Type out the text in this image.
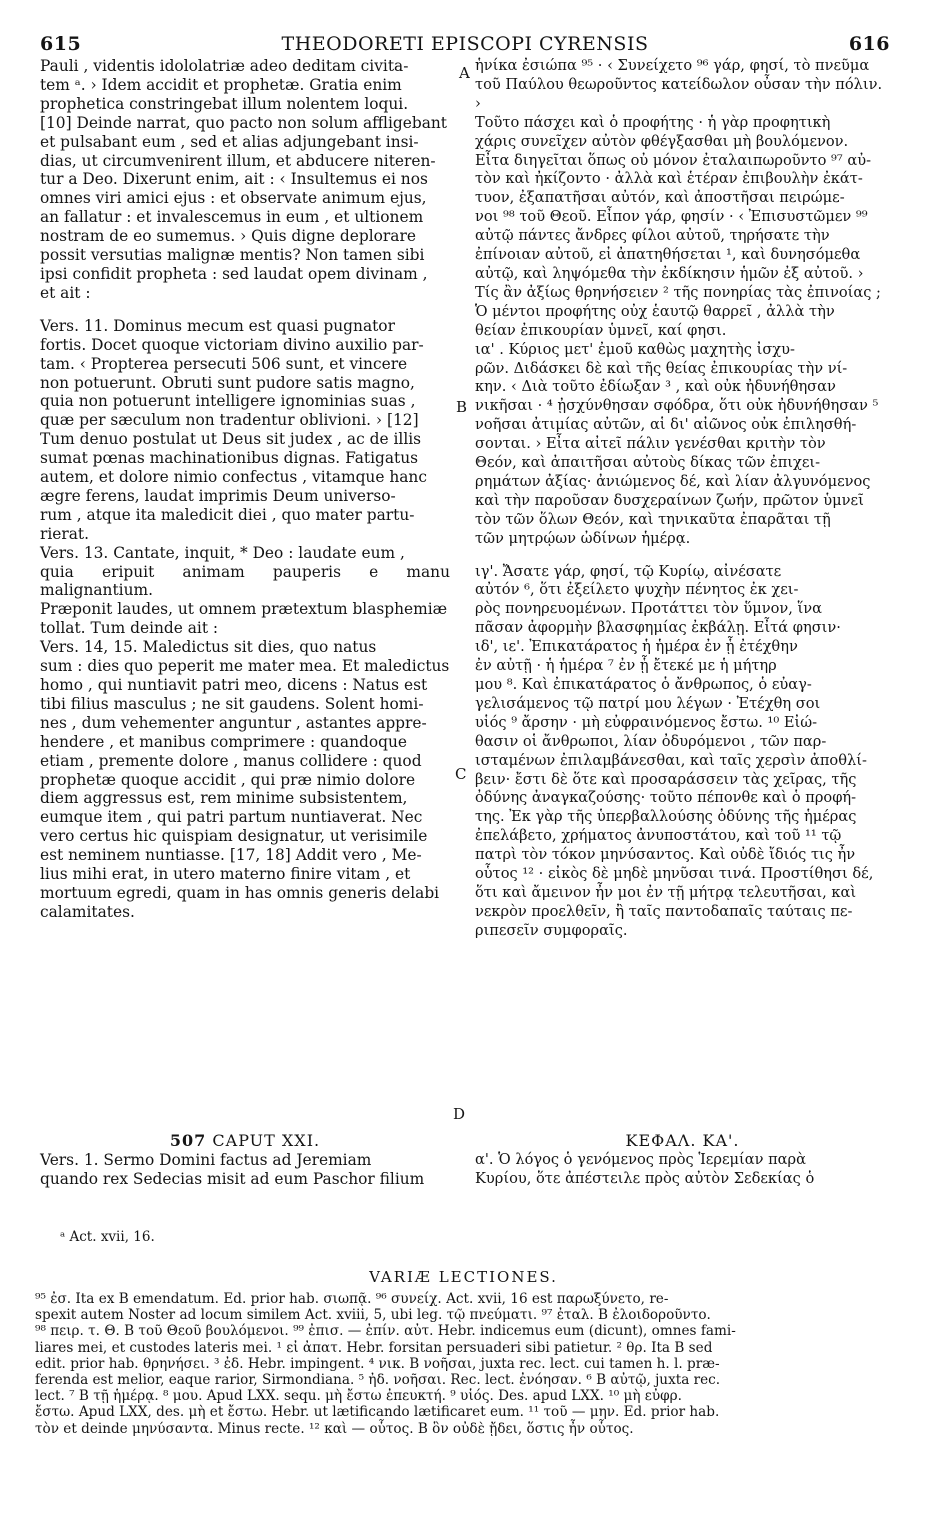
615	THEODORETI EPISCOPI CYRENSIS	616
A
B
C
D

Pauli , videntis idololatriæ adeo deditam civita-

tem ᵃ. › Idem accidit et prophetæ. Gratia enim

prophetica constringebat illum nolentem loqui.

[10] Deinde narrat, quo pacto non solum affligebant

et pulsabant eum , sed et alias adjungebant insi-

dias, ut circumvenirent illum, et abducere niteren-

tur a Deo. Dixerunt enim, ait : ‹ Insultemus ei nos

omnes viri amici ejus : et observate animum ejus,

an fallatur : et invalescemus in eum , et ultionem

nostram de eo sumemus. › Quis digne deplorare

possit versutias malignæ mentis? Non tamen sibi

ipsi confidit propheta : sed laudat opem divinam ,

et ait :

Vers. 11. Dominus mecum est quasi pugnator

fortis. Docet quoque victoriam divino auxilio par-

tam. ‹ Propterea persecuti 506 sunt, et vincere

non potuerunt. Obruti sunt pudore satis magno,

quia non potuerunt intelligere ignominias suas ,

quæ per sæculum non tradentur oblivioni. › [12]

Tum denuo postulat ut Deus sit judex , ac de illis

sumat pœnas machinationibus dignas. Fatigatus

autem, et dolore nimio confectus , vitamque hanc

ægre ferens, laudat imprimis Deum universo-

rum , atque ita maledicit diei , quo mater partu-

rierat.

Vers. 13. Cantate, inquit, * Deo : laudate eum ,

quia eripuit animam pauperis e manu malignantium.

Præponit laudes, ut omnem prætextum blasphemiæ

tollat. Tum deinde ait :

Vers. 14, 15. Maledictus sit dies, quo natus

sum : dies quo peperit me mater mea. Et maledictus

homo , qui nuntiavit patri meo, dicens : Natus est

tibi filius masculus ; ne sit gaudens. Solent homi-

nes , dum vehementer anguntur , astantes appre-

hendere , et manibus comprimere : quandoque

etiam , premente dolore , manus collidere : quod

prophetæ quoque accidit , qui præ nimio dolore

diem aggressus est, rem minime subsistentem,

eumque item , qui patri partum nuntiaverat. Nec

vero certus hic quispiam designatur, ut verisimile

est neminem nuntiasse. [17, 18] Addit vero , Me-

lius mihi erat, in utero materno finire vitam , et

mortuum egredi, quam in has omnis generis delabi

calamitates.

ἡνίκα ἐσιώπα ⁹⁵ · ‹ Συνείχετο ⁹⁶ γάρ, φησί, τὸ πνεῦμα

τοῦ Παύλου θεωροῦντος κατείδωλον οὖσαν τὴν πόλιν. ›

Τοῦτο πάσχει καὶ ὁ προφήτης · ἡ γὰρ προφητικὴ

χάρις συνεῖχεν αὐτὸν φθέγξασθαι μὴ βουλόμενον.

Εἶτα διηγεῖται ὅπως οὐ μόνον ἐταλαιπωροῦντο ⁹⁷ αὐ-

τὸν καὶ ἠκίζοντο · ἀλλὰ καὶ ἑτέραν ἐπιβουλὴν ἐκάτ-

τυον, ἐξαπατῆσαι αὐτόν, καὶ ἀποστῆσαι πειρώμε-

νοι ⁹⁸ τοῦ Θεοῦ. Εἶπον γάρ, φησίν · ‹ Ἐπισυστῶμεν ⁹⁹

αὐτῷ πάντες ἄνδρες φίλοι αὐτοῦ, τηρήσατε τὴν

ἐπίνοιαν αὐτοῦ, εἰ ἀπατηθήσεται ¹, καὶ δυνησόμεθα

αὐτῷ, καὶ ληψόμεθα τὴν ἐκδίκησιν ἡμῶν ἐξ αὐτοῦ. ›

Τίς ἂν ἀξίως θρηνήσειεν ² τῆς πονηρίας τὰς ἐπινοίας ;

Ὁ μέντοι προφήτης οὐχ ἑαυτῷ θαρρεῖ , ἀλλὰ τὴν

θείαν ἐπικουρίαν ὑμνεῖ, καί φησι.

ια' . Κύριος μετ' ἐμοῦ καθὼς μαχητὴς ἰσχυ-

ρῶν. Διδάσκει δὲ καὶ τῆς θείας ἐπικουρίας τὴν νί-

κην. ‹ Διὰ τοῦτο ἐδίωξαν ³ , καὶ οὐκ ἠδυνήθησαν

νικῆσαι · ⁴ ᾐσχύνθησαν σφόδρα, ὅτι οὐκ ἠδυνήθησαν ⁵

νοῆσαι ἀτιμίας αὐτῶν, αἱ δι' αἰῶνος οὐκ ἐπιλησθή-

σονται. › Εἶτα αἰτεῖ πάλιν γενέσθαι κριτὴν τὸν

Θεόν, καὶ ἀπαιτῆσαι αὐτοὺς δίκας τῶν ἐπιχει-

ρημάτων ἀξίας· ἀνιώμενος δέ, καὶ λίαν ἀλγυνόμενος

καὶ τὴν παροῦσαν δυσχεραίνων ζωήν, πρῶτον ὑμνεῖ

τὸν τῶν ὅλων Θεόν, καὶ τηνικαῦτα ἐπαρᾶται τῇ

τῶν μητρῴων ὠδίνων ἡμέρᾳ.

ιγ'. Ἄσατε γάρ, φησί, τῷ Κυρίῳ, αἰνέσατε

αὐτόν ⁶, ὅτι ἐξείλετο ψυχὴν πένητος ἐκ χει-

ρὸς πονηρευομένων. Προτάττει τὸν ὕμνον, ἵνα

πᾶσαν ἀφορμὴν βλασφημίας ἐκβάλῃ. Εἶτά φησιν·

ιδ', ιε'. Ἐπικατάρατος ἡ ἡμέρα ἐν ᾗ ἐτέχθην

ἐν αὐτῇ · ἡ ἡμέρα ⁷ ἐν ᾗ ἔτεκέ με ἡ μήτηρ

μου ⁸. Καὶ ἐπικατάρατος ὁ ἄνθρωπος, ὁ εὐαγ-

γελισάμενος τῷ πατρί μου λέγων · Ἐτέχθη σοι

υἱός ⁹ ἄρσην · μὴ εὐφραινόμενος ἔστω. ¹⁰ Εἰώ-

θασιν οἱ ἄνθρωποι, λίαν ὀδυρόμενοι , τῶν παρ-

ισταμένων ἐπιλαμβάνεσθαι, καὶ ταῖς χερσὶν ἀποθλί-

βειν· ἔστι δὲ ὅτε καὶ προσαράσσειν τὰς χεῖρας, τῆς

ὀδύνης ἀναγκαζούσης· τοῦτο πέπονθε καὶ ὁ προφή-

της. Ἐκ γὰρ τῆς ὑπερβαλλούσης ὀδύνης τῆς ἡμέρας

ἐπελάβετο, χρήματος ἀνυποστάτου, καὶ τοῦ ¹¹ τῷ

πατρὶ τὸν τόκον μηνύσαντος. Καὶ οὐδὲ ἴδιός τις ἦν

οὗτος ¹² · εἰκὸς δὲ μηδὲ μηνῦσαι τινά. Προστίθησι δέ,

ὅτι καὶ ἄμεινον ἦν μοι ἐν τῇ μήτρᾳ τελευτῆσαι, καὶ

νεκρὸν προελθεῖν, ἢ ταῖς παντοδαπαῖς ταύταις πε-

ριπεσεῖν συμφοραῖς.

507 CAPUT XXI.

Vers. 1. Sermo Domini factus ad Jeremiam

quando rex Sedecias misit ad eum Paschor filium

ΚΕΦΑΛ. ΚΑ'.

α'. Ὁ λόγος ὁ γενόμενος πρὸς Ἱερεμίαν παρὰ

Κυρίου, ὅτε ἀπέστειλε πρὸς αὐτὸν Σεδεκίας ὁ

ᵃ Act. xvii, 16.
VARIÆ LECTIONES.

⁹⁵ ἐσ. Ita ex B emendatum. Ed. prior hab. σιωπᾷ. ⁹⁶ συνείχ. Act. xvii, 16 est παρωξύνετο, re-

spexit autem Noster ad locum similem Act. xviii, 5, ubi leg. τῷ πνεύματι. ⁹⁷ ἐταλ. B ἐλοιδοροῦντο.

⁹⁸ πειρ. τ. Θ. B τοῦ Θεοῦ βουλόμενοι. ⁹⁹ ἐπισ. — ἐπίν. αὐτ. Hebr. indicemus eum (dicunt), omnes fami-

liares mei, et custodes lateris mei. ¹ εἰ ἀπατ. Hebr. forsitan persuaderi sibi patietur. ² θρ. Ita B sed

edit. prior hab. θρηνήσει. ³ ἐδ. Hebr. impingent. ⁴ νικ. B νοῆσαι, juxta rec. lect. cui tamen h. l. præ-

ferenda est melior, eaque rarior, Sirmondiana. ⁵ ἠδ. νοῆσαι. Rec. lect. ἐνόησαν. ⁶ B αὐτῷ, juxta rec.

lect. ⁷ B τῇ ἡμέρᾳ. ⁸ μου. Apud LXX. sequ. μὴ ἔστω ἐπευκτή. ⁹ υἱός. Des. apud LXX. ¹⁰ μὴ εὐφρ.

ἔστω. Apud LXX, des. μὴ et ἔστω. Hebr. ut lætificando lætificaret eum. ¹¹ τοῦ — μην. Ed. prior hab.

τὸν et deinde μηνύσαντα. Minus recte. ¹² καὶ — οὗτος. B ὃν οὐδὲ ᾔδει, ὅστις ἦν οὗτος.
